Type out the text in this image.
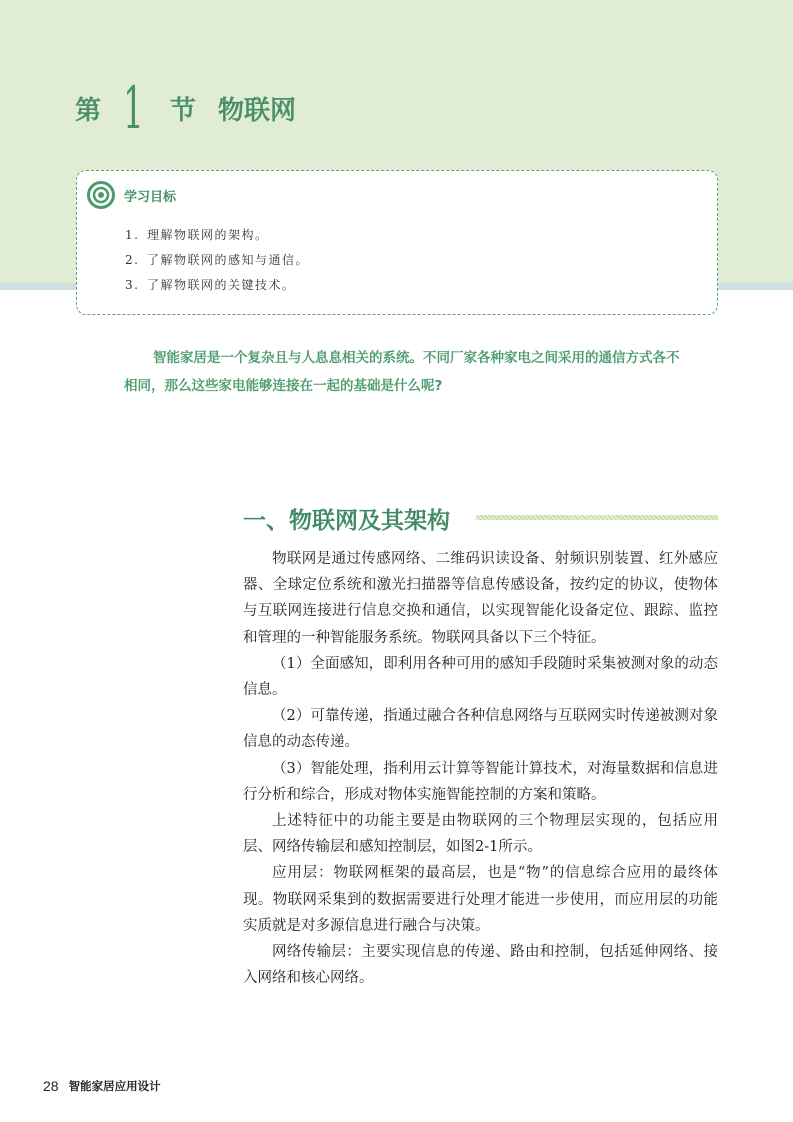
第 1 节 物联网
学习目标
1. 理解物联网的架构。
2. 了解物联网的感知与通信。
3. 了解物联网的关键技术。
智能家居是一个复杂且与人息息相关的系统。不同厂家各种家电之间采用的通信方式各不相同，那么这些家电能够连接在一起的基础是什么呢?
一、物联网及其架构

物联网是通过传感网络、二维码识读设备、射频识别装置、红外感应器、全球定位系统和激光扫描器等信息传感设备，按约定的协议，使物体与互联网连接进行信息交换和通信，以实现智能化设备定位、跟踪、监控和管理的一种智能服务系统。物联网具备以下三个特征。

（1）全面感知，即利用各种可用的感知手段随时采集被测对象的动态信息。

（2）可靠传递，指通过融合各种信息网络与互联网实时传递被测对象信息的动态传递。

（3）智能处理，指利用云计算等智能计算技术，对海量数据和信息进行分析和综合，形成对物体实施智能控制的方案和策略。

上述特征中的功能主要是由物联网的三个物理层实现的，包括应用层、网络传输层和感知控制层，如图2-1所示。

应用层：物联网框架的最高层，也是“物”的信息综合应用的最终体现。物联网采集到的数据需要进行处理才能进一步使用，而应用层的功能实质就是对多源信息进行融合与决策。

网络传输层：主要实现信息的传递、路由和控制，包括延伸网络、接入网络和核心网络。

28 智能家居应用设计
